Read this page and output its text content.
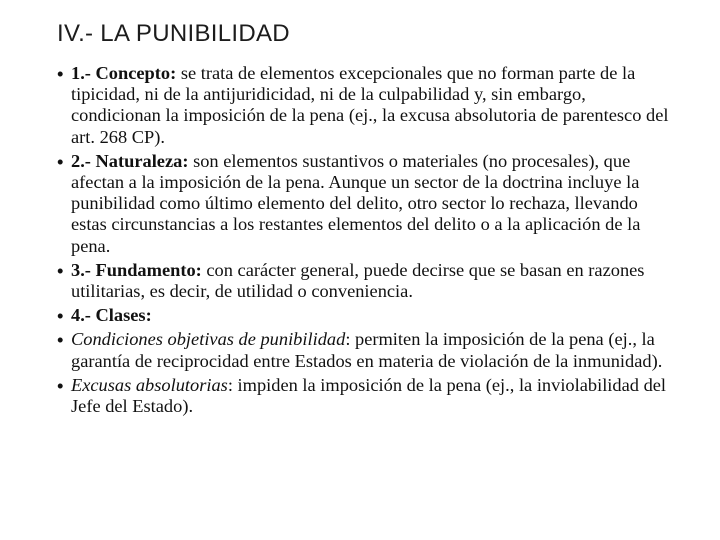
IV.- LA PUNIBILIDAD
• 1.- Concepto: se trata de elementos excepcionales que no forman parte de la tipicidad, ni de la antijuridicidad, ni de la culpabilidad y, sin embargo, condicionan la imposición de la pena (ej., la excusa absolutoria de parentesco del art. 268 CP).
• 2.- Naturaleza: son elementos sustantivos o materiales (no procesales), que afectan a la imposición de la pena. Aunque un sector de la doctrina incluye la punibilidad como último elemento del delito, otro sector lo rechaza, llevando estas circunstancias a los restantes elementos del delito o a la aplicación de la pena.
• 3.- Fundamento: con carácter general, puede decirse que se basan en razones utilitarias, es decir, de utilidad o conveniencia.
• 4.- Clases:
• Condiciones objetivas de punibilidad: permiten la imposición de la pena (ej., la garantía de reciprocidad entre Estados en materia de violación de la inmunidad).
• Excusas absolutorias: impiden la imposición de la pena (ej., la inviolabilidad del Jefe del Estado).
